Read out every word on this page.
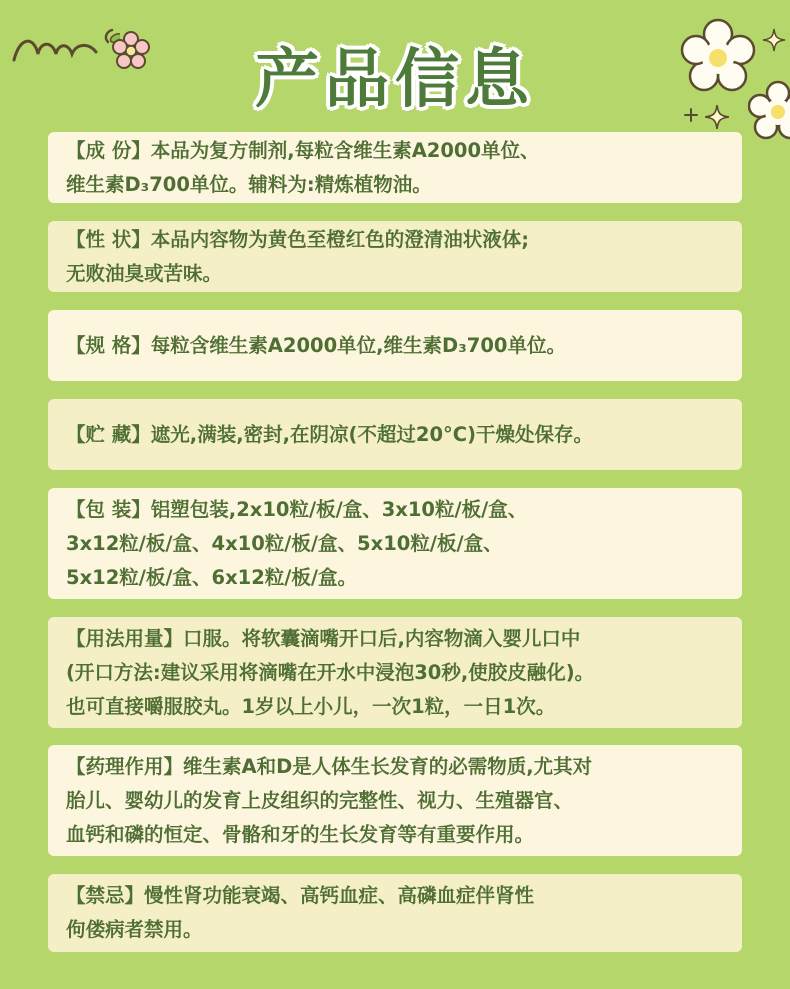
产品信息
【成 份】本品为复方制剂,每粒含维生素A2000单位、
维生素D₃700单位。辅料为:精炼植物油。
【性 状】本品内容物为黄色至橙红色的澄清油状液体;
无败油臭或苦味。
【规 格】每粒含维生素A2000单位,维生素D₃700单位。
【贮 藏】遮光,满装,密封,在阴凉(不超过20°C)干燥处保存。
【包 装】铝塑包装,2x10粒/板/盒、3x10粒/板/盒、
3x12粒/板/盒、4x10粒/板/盒、5x10粒/板/盒、
5x12粒/板/盒、6x12粒/板/盒。
【用法用量】口服。将软囊滴嘴开口后,内容物滴入婴儿口中
(开口方法:建议采用将滴嘴在开水中浸泡30秒,使胶皮融化)。
也可直接嚼服胶丸。1岁以上小儿，一次1粒，一日1次。
【药理作用】维生素A和D是人体生长发育的必需物质,尤其对
胎儿、婴幼儿的发育上皮组织的完整性、视力、生殖器官、
血钙和磷的恒定、骨骼和牙的生长发育等有重要作用。
【禁忌】慢性肾功能衰竭、高钙血症、高磷血症伴肾性
佝偻病者禁用。
